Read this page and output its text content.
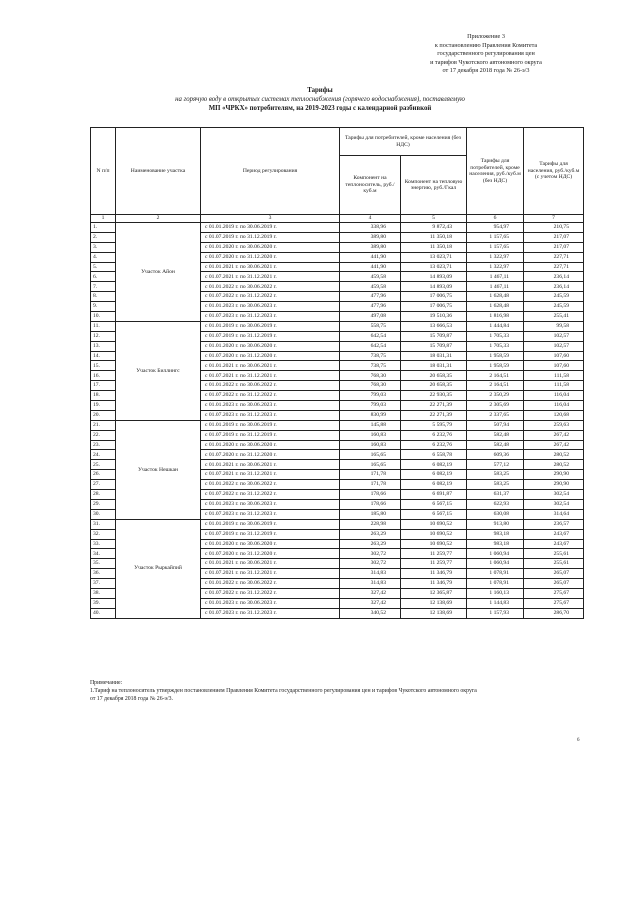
Приложение 3
к постановлению Правления Комитета
государственного регулирования цен
и тарифов Чукотского автономного округа
от 17 декабря 2018 года № 26-э/3
Тарифы
на горячую воду в открытых системах теплоснабжения (горячего водоснабжения), поставляемую
МП «ЧРКХ» потребителям, на 2019-2023 годы с календарной разбивкой
N п/п	Наименование участка	Период регулирования	Тарифы для потребителей, кроме населения (без НДС)		Тарифы для потребителей, кроме населения, руб./куб.м (без НДС)	Тарифы для населения, руб./куб.м (с учетом НДС)
			Компонент на теплоноситель, руб./куб.м	Компонент на тепловую энергию, руб./Гкал		
1	2	3	4	5	6	7
1.	Участок Айон	с 01.01.2019 г. по 30.06.2019 г.	338,96	9 872,43	954,97	210,75
2.		с 01.07.2019 г. по 31.12.2019 г.	389,80	11 350,18	1 157,65	217,07
3.		с 01.01.2020 г. по 30.06.2020 г.	389,80	11 350,18	1 157,65	217,07
4.		с 01.07.2020 г. по 31.12.2020 г.	441,90	13 023,71	1 322,97	227,71
5.		с 01.01.2021 г. по 30.06.2021 г.	441,90	13 023,71	1 322,97	227,71
6.		с 01.07.2021 г. по 31.12.2021 г.	459,58	14 893,09	1 467,11	236,14
7.		с 01.01.2022 г. по 30.06.2022 г.	459,58	14 893,09	1 467,11	236,14
8.		с 01.07.2022 г. по 31.12.2022 г.	477,96	17 006,75	1 628,48	245,59
9.		с 01.01.2023 г. по 30.06.2023 г.	477,96	17 006,75	1 628,48	245,59
10.		с 01.07.2023 г. по 31.12.2023 г.	497,08	19 510,36	1 816,98	255,41
11.	Участок Биллингс	с 01.01.2019 г. по 30.06.2019 г.	558,75	13 666,53	1 444,84	99,58
12.		с 01.07.2019 г. по 31.12.2019 г.	642,54	15 709,87	1 705,33	102,57
13.		с 01.01.2020 г. по 30.06.2020 г.	642,54	15 709,87	1 705,33	102,57
14.		с 01.07.2020 г. по 31.12.2020 г.	738,75	18 031,31	1 958,59	107,60
15.		с 01.01.2021 г. по 30.06.2021 г.	738,75	18 031,31	1 958,59	107,60
16.		с 01.07.2021 г. по 31.12.2021 г.	768,30	20 658,35	2 164,51	111,58
17.		с 01.01.2022 г. по 30.06.2022 г.	768,30	20 658,35	2 164,51	111,58
18.		с 01.07.2022 г. по 31.12.2022 г.	799,03	22 930,35	2 350,29	116,04
19.		с 01.01.2023 г. по 30.06.2023 г.	799,03	22 271,39	2 305,69	116,04
20.		с 01.07.2023 г. по 31.12.2023 г.	830,99	22 271,39	2 337,65	120,68
21.	Участок Нешкан	с 01.01.2019 г. по 30.06.2019 г.	145,88	5 595,79	507,94	259,63
22.		с 01.07.2019 г. по 31.12.2019 г.	160,83	6 232,76	582,48	267,42
23.		с 01.01.2020 г. по 30.06.2020 г.	160,83	6 232,76	582,48	267,42
24.		с 01.07.2020 г. по 31.12.2020 г.	165,65	6 558,78	609,36	280,52
25.		с 01.01.2021 г. по 30.06.2021 г.	165,65	6 082,19	577,12	280,52
26.		с 01.07.2021 г. по 31.12.2021 г.	171,78	6 082,19	583,25	290,90
27.		с 01.01.2022 г. по 30.06.2022 г.	171,78	6 082,19	583,25	290,90
28.		с 01.07.2022 г. по 31.12.2022 г.	178,66	6 691,87	631,37	302,54
29.		с 01.01.2023 г. по 30.06.2023 г.	178,66	6 567,15	622,93	302,54
30.		с 01.07.2023 г. по 31.12.2023 г.	185,80	6 567,15	630,08	314,64
31.	Участок Рыркайпий	с 01.01.2019 г. по 30.06.2019 г.	228,98	10 690,52	913,80	236,57
32.		с 01.07.2019 г. по 31.12.2019 г.	263,29	10 690,52	983,18	243,67
33.		с 01.01.2020 г. по 30.06.2020 г.	263,29	10 690,52	983,18	243,67
34.		с 01.07.2020 г. по 31.12.2020 г.	302,72	11 259,77	1 060,94	255,61
35.		с 01.01.2021 г. по 30.06.2021 г.	302,72	11 259,77	1 060,94	255,61
36.		с 01.07.2021 г. по 31.12.2021 г.	314,83	11 346,79	1 078,91	265,07
37.		с 01.01.2022 г. по 30.06.2022 г.	314,83	11 346,79	1 078,91	265,07
38.		с 01.07.2022 г. по 31.12.2022 г.	327,42	12 365,87	1 160,13	275,67
39.		с 01.01.2023 г. по 30.06.2023 г.	327,42	12 138,69	1 144,83	275,67
40.		с 01.07.2023 г. по 31.12.2023 г.	340,52	12 138,69	1 157,93	286,70
Примечание:
1.Тариф на теплоноситель утвержден постановлением Правления Комитета государственного регулирования цен и тарифов Чукотского автономного округа
от 17 декабря 2018 года № 26-э/3.
6
